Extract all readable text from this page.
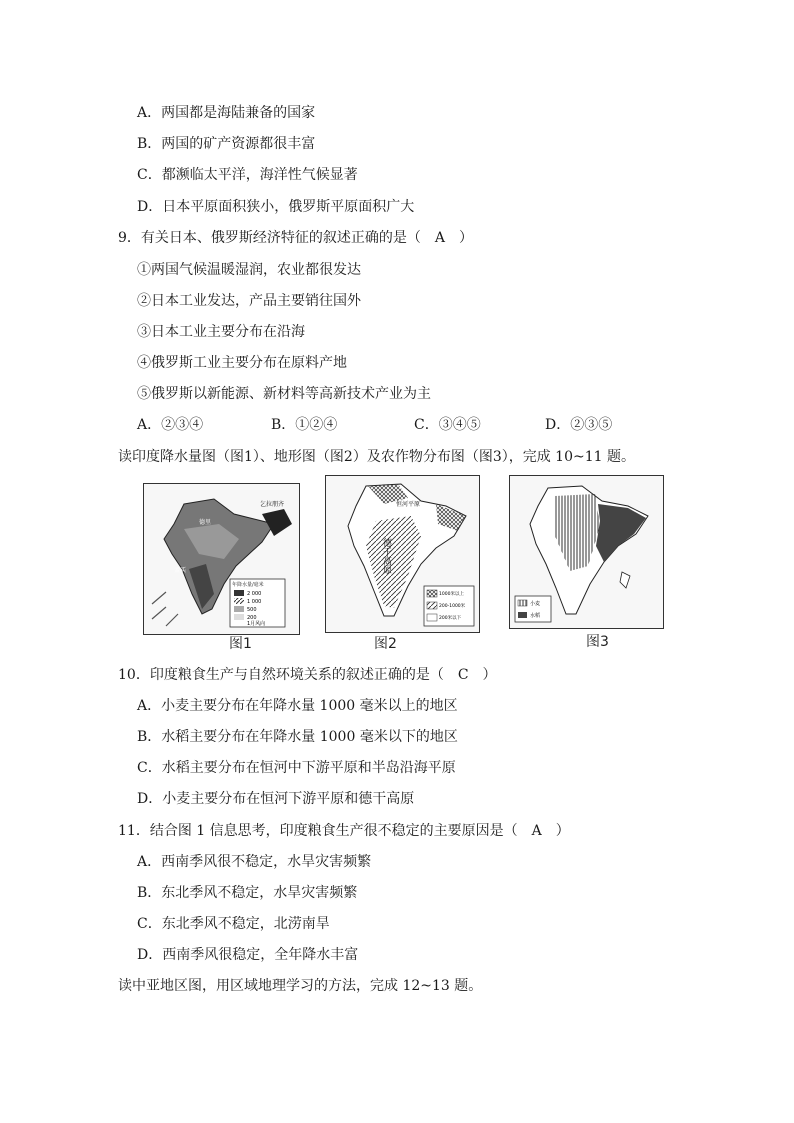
A．两国都是海陆兼备的国家
B．两国的矿产资源都很丰富
C．都濒临太平洋，海洋性气候显著
D．日本平原面积狭小，俄罗斯平原面积广大
9．有关日本、俄罗斯经济特征的叙述正确的是（　A　）
①两国气候温暖湿润，农业都很发达
②日本工业发达，产品主要销往国外
③日本工业主要分布在沿海
④俄罗斯工业主要分布在原料产地
⑤俄罗斯以新能源、新材料等高新技术产业为主
A．②③④	B．①②④	C．③④⑤	D．②③⑤
读印度降水量图（图1）、地形图（图2）及农作物分布图（图3），完成 10~11 题。
年降水量/毫米
2 000
1 000
500
200
1月风向
德里
孟买
乞拉朋齐
图1
恒河平原
德干高原
1000米以上
200-1000米
200米以下
图2
小麦
水稻
图3
10．印度粮食生产与自然环境关系的叙述正确的是（　C　）
A．小麦主要分布在年降水量 1000 毫米以上的地区
B．水稻主要分布在年降水量 1000 毫米以下的地区
C．水稻主要分布在恒河中下游平原和半岛沿海平原
D．小麦主要分布在恒河下游平原和德干高原
11．结合图 1 信息思考，印度粮食生产很不稳定的主要原因是（　A　）
A．西南季风很不稳定，水旱灾害频繁
B．东北季风不稳定，水旱灾害频繁
C．东北季风不稳定，北涝南旱
D．西南季风很稳定，全年降水丰富
读中亚地区图，用区域地理学习的方法，完成 12~13 题。
